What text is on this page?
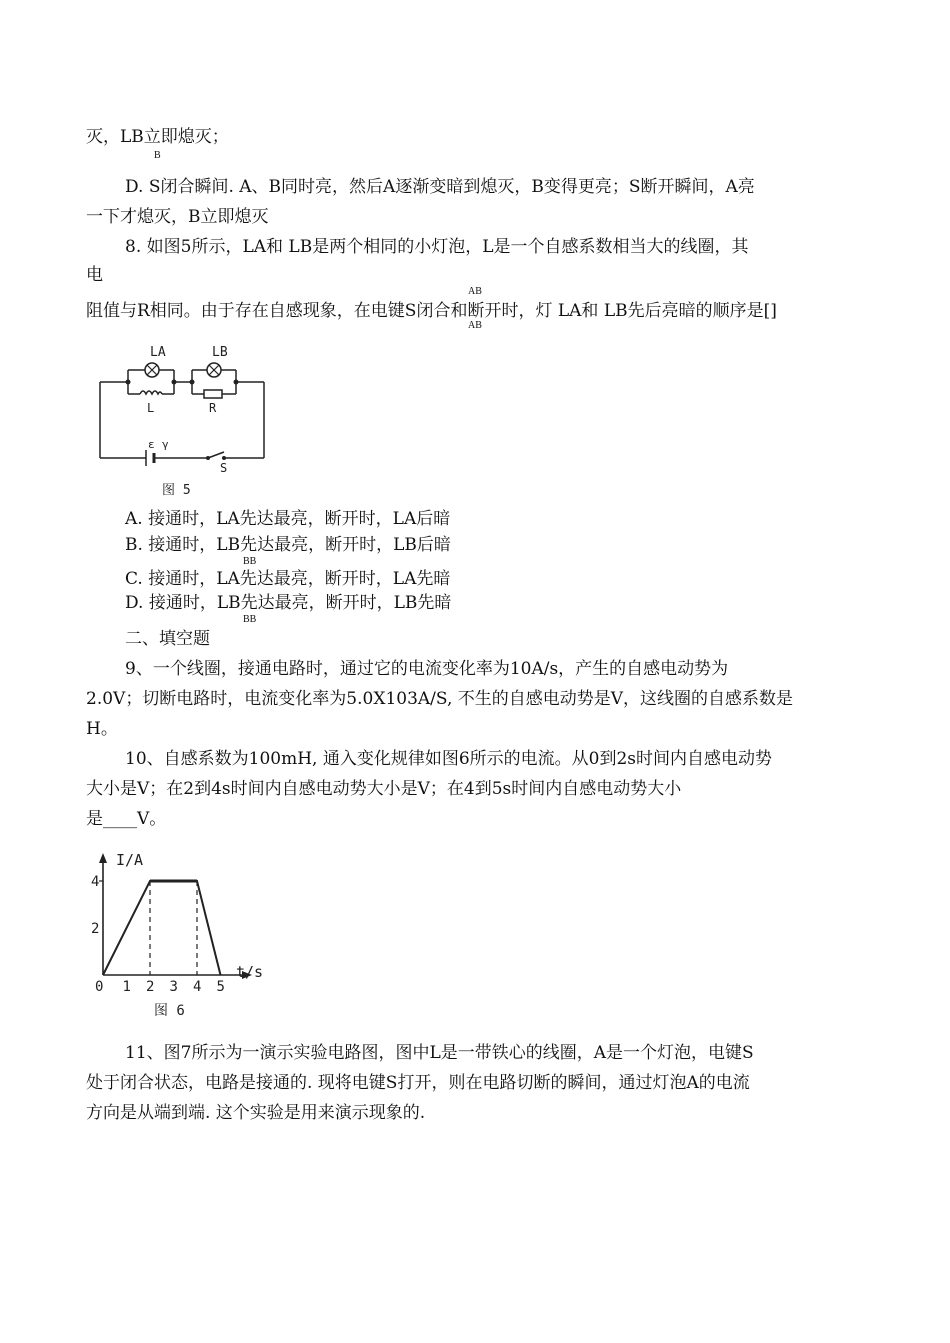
灭，LB立即熄灭；
B
D. S闭合瞬间. A、B同时亮，然后A逐渐变暗到熄灭，B变得更亮；S断开瞬间，A亮
一下才熄灭，B立即熄灭
8. 如图5所示，LA和 LB是两个相同的小灯泡，L是一个自感系数相当大的线圈，其
电
AB
阻值与R相同。由于存在自感现象，在电键S闭合和断开时，灯 LA和 LB先后亮暗的顺序是[]
AB
LA	LB
L	R
ε γ
S
图 5
A. 接通时，LA先达最亮，断开时，LA后暗
B. 接通时，LB先达最亮，断开时，LB后暗
BB
C. 接通时，LA先达最亮，断开时，LA先暗
D. 接通时，LB先达最亮，断开时，LB先暗
BB
二、填空题
9、一个线圈，接通电路时，通过它的电流变化率为10A/s，产生的自感电动势为
2.0V；切断电路时，电流变化率为5.0X103A/S, 不生的自感电动势是V，这线圈的自感系数是
H。
10、自感系数为100mH, 通入变化规律如图6所示的电流。从0到2s时间内自感电动势
大小是V；在2到4s时间内自感电动势大小是V；在4到5s时间内自感电动势大小
是____V。
4
2
0 1 2 3 4 5
I/A
t/s
图 6
11、图7所示为一演示实验电路图，图中L是一带铁心的线圈，A是一个灯泡，电键S
处于闭合状态，电路是接通的. 现将电键S打开，则在电路切断的瞬间，通过灯泡A的电流
方向是从端到端. 这个实验是用来演示现象的.
